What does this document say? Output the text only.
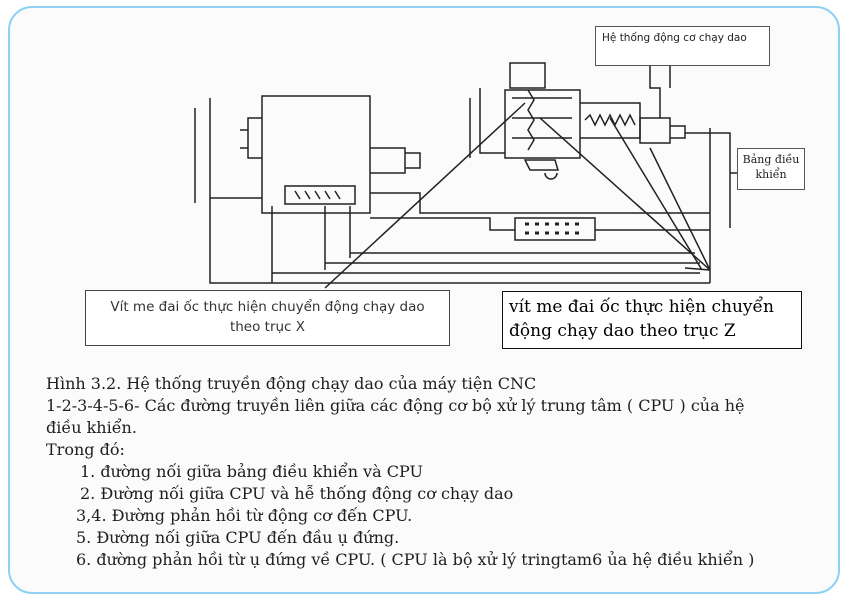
Hệ thống động cơ chạy dao
Bảng điều khiển
Vít me đai ốc thực hiện chuyển động chạy dao theo trục X
vít me đai ốc thực hiện chuyển động chạy dao theo trục Z
Hình 3.2. Hệ thống truyền động chạy dao của máy tiện CNC
1-2-3-4-5-6- Các đường truyền liên giữa các động cơ bộ xử lý trung tâm ( CPU ) của hệ
điều khiển.
Trong đó:
1. đường nối giữa bảng điều khiển và CPU
2. Đường nối giữa CPU và hễ thống động cơ chạy dao
3,4. Đường phản hồi từ động cơ đến CPU.
5. Đường nối giữa CPU đến đầu ụ đứng.
6. đường phản hồi từ ụ đứng về CPU. ( CPU là bộ xử lý tringtam6 ủa hệ điều khiển )
